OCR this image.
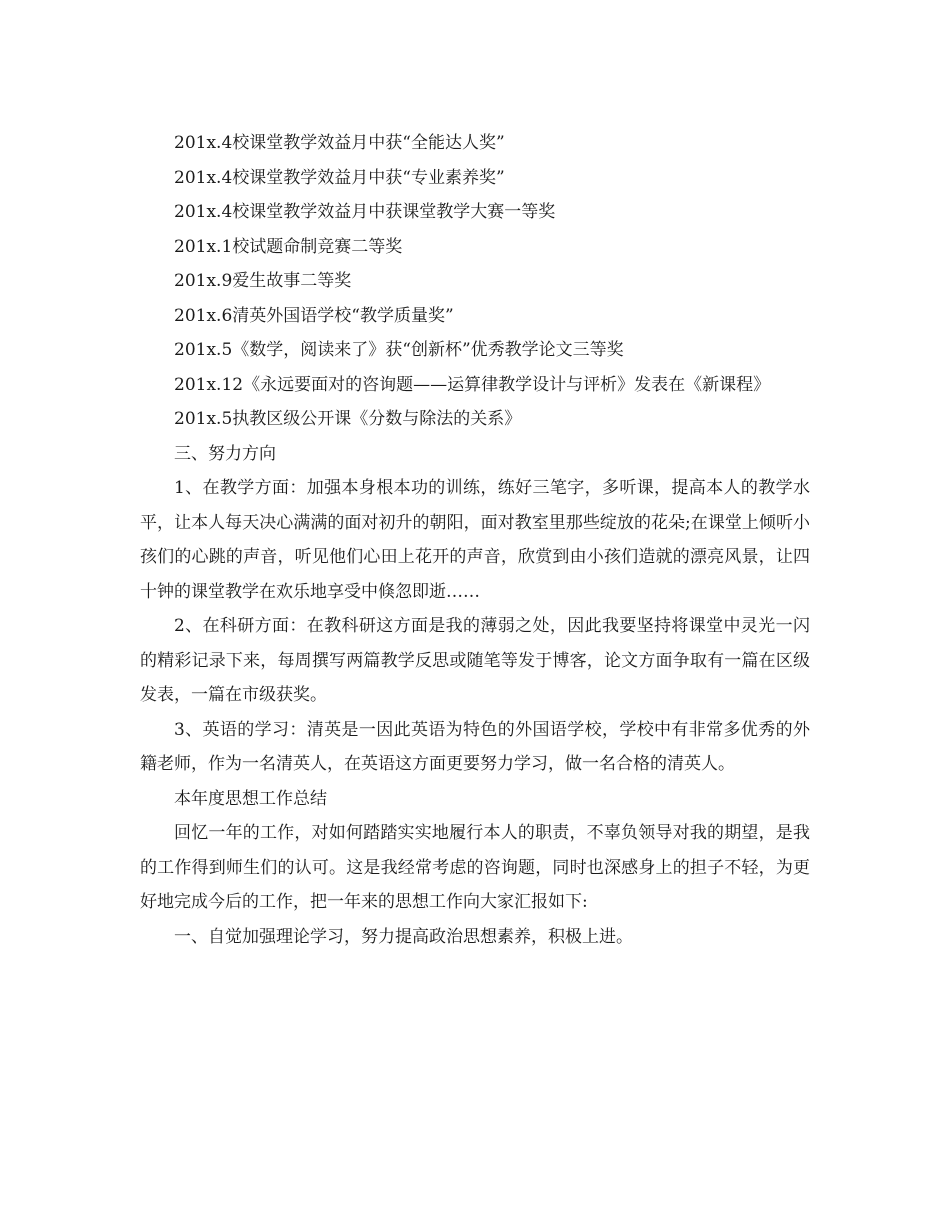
201x.4校课堂教学效益月中获“全能达人奖”

201x.4校课堂教学效益月中获“专业素养奖”

201x.4校课堂教学效益月中获课堂教学大赛一等奖

201x.1校试题命制竞赛二等奖

201x.9爱生故事二等奖

201x.6清英外国语学校“教学质量奖”

201x.5《数学，阅读来了》获“创新杯”优秀教学论文三等奖

201x.12《永远要面对的咨询题——运算律教学设计与评析》发表在《新课程》

201x.5执教区级公开课《分数与除法的关系》

三、努力方向

1、在教学方面：加强本身根本功的训练，练好三笔字，多听课，提高本人的教学水平，让本人每天决心满满的面对初升的朝阳，面对教室里那些绽放的花朵;在课堂上倾听小孩们的心跳的声音，听见他们心田上花开的声音，欣赏到由小孩们造就的漂亮风景，让四十钟的课堂教学在欢乐地享受中倏忽即逝……

2、在科研方面：在教科研这方面是我的薄弱之处，因此我要坚持将课堂中灵光一闪的精彩记录下来，每周撰写两篇教学反思或随笔等发于博客，论文方面争取有一篇在区级发表，一篇在市级获奖。

3、英语的学习：清英是一因此英语为特色的外国语学校，学校中有非常多优秀的外籍老师，作为一名清英人，在英语这方面更要努力学习，做一名合格的清英人。

本年度思想工作总结

回忆一年的工作，对如何踏踏实实地履行本人的职责，不辜负领导对我的期望，是我的工作得到师生们的认可。这是我经常考虑的咨询题，同时也深感身上的担子不轻，为更好地完成今后的工作，把一年来的思想工作向大家汇报如下:

一、自觉加强理论学习，努力提高政治思想素养，积极上进。
